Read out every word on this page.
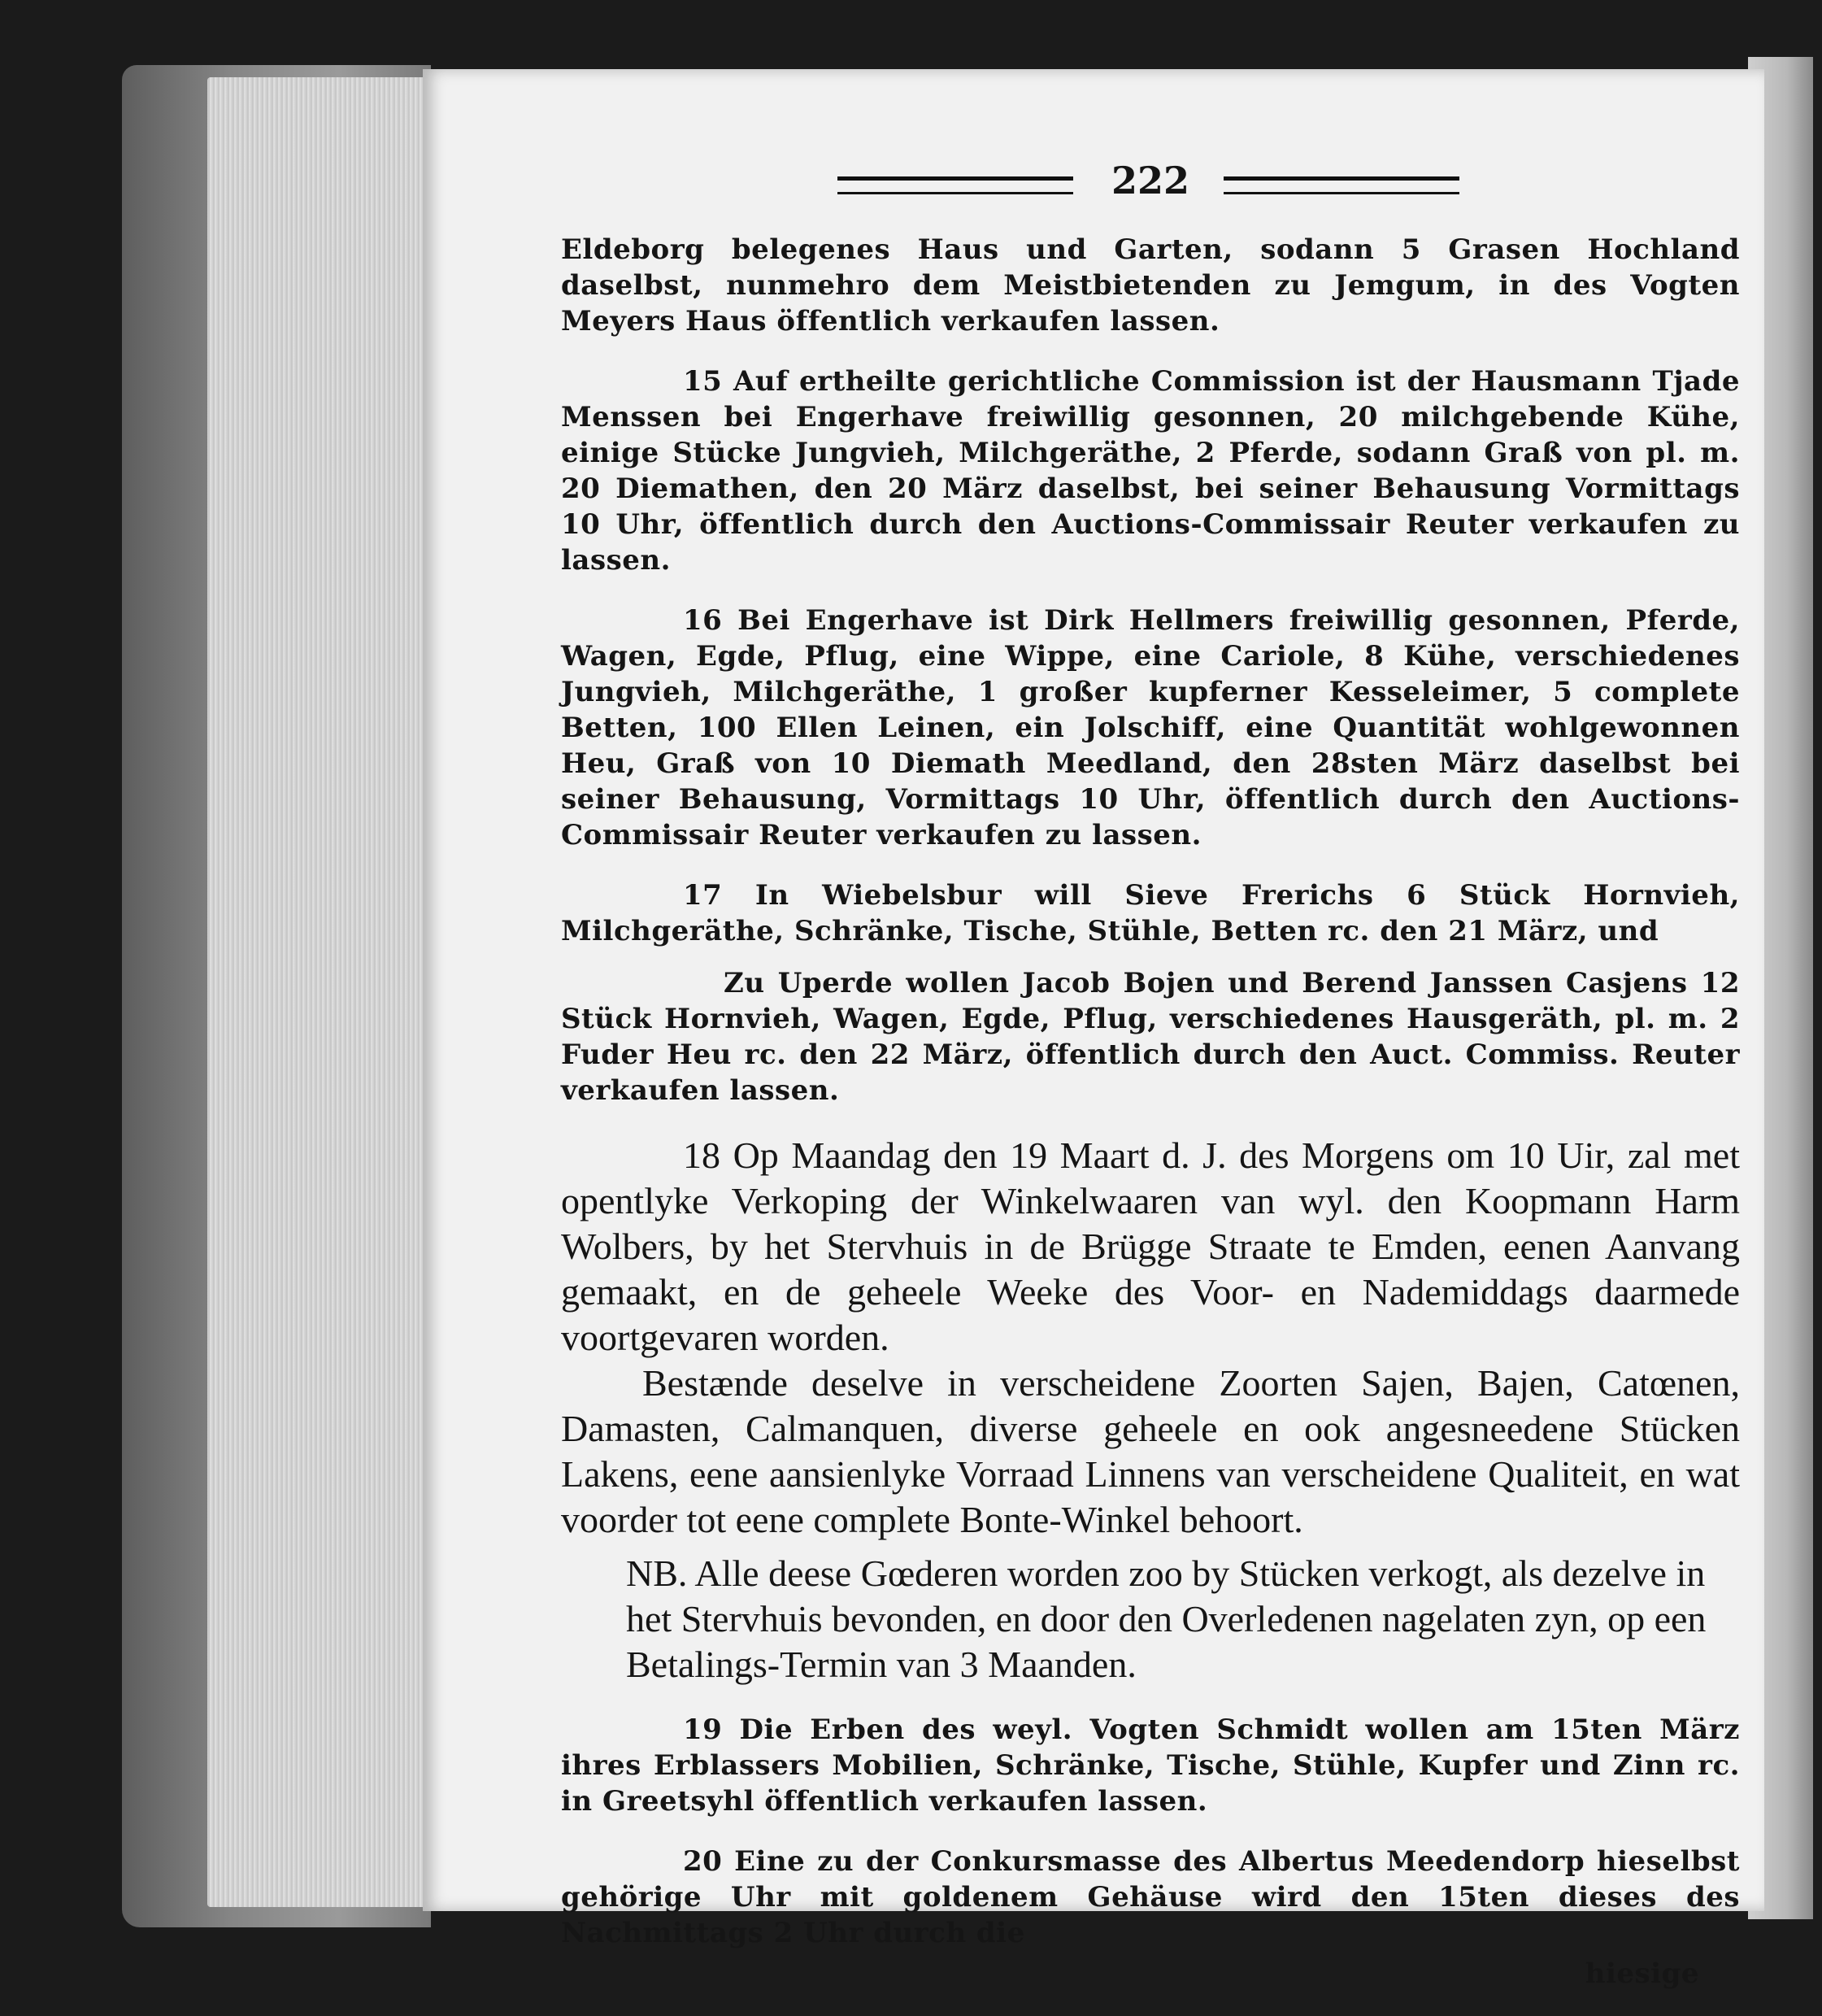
222

Eldeborg belegenes Haus und Garten, sodann 5 Grasen Hochland daselbst, nunmehro dem Meistbietenden zu Jemgum, in des Vogten Meyers Haus öffentlich verkaufen lassen.

15 Auf ertheilte gerichtliche Commission ist der Hausmann Tjade Menssen bei Engerhave freiwillig gesonnen, 20 milchgebende Kühe, einige Stücke Jungvieh, Milchgeräthe, 2 Pferde, sodann Graß von pl. m. 20 Diemathen, den 20 März daselbst, bei seiner Behausung Vormittags 10 Uhr, öffentlich durch den Auctions-Commissair Reuter verkaufen zu lassen.

16 Bei Engerhave ist Dirk Hellmers freiwillig gesonnen, Pferde, Wagen, Egde, Pflug, eine Wippe, eine Cariole, 8 Kühe, verschiedenes Jungvieh, Milchgeräthe, 1 großer kupferner Kesseleimer, 5 complete Betten, 100 Ellen Leinen, ein Jolschiff, eine Quantität wohlgewonnen Heu, Graß von 10 Diemath Meedland, den 28sten März daselbst bei seiner Behausung, Vormittags 10 Uhr, öffentlich durch den Auctions-Commissair Reuter verkaufen zu lassen.

17 In Wiebelsbur will Sieve Frerichs 6 Stück Hornvieh, Milchgeräthe, Schränke, Tische, Stühle, Betten rc. den 21 März, und

Zu Uperde wollen Jacob Bojen und Berend Janssen Casjens 12 Stück Hornvieh, Wagen, Egde, Pflug, verschiedenes Hausgeräth, pl. m. 2 Fuder Heu rc. den 22 März, öffentlich durch den Auct. Commiss. Reuter verkaufen lassen.

18 Op Maandag den 19 Maart d. J. des Morgens om 10 Uir, zal met opentlyke Verkoping der Winkelwaaren van wyl. den Koopmann Harm Wolbers, by het Stervhuis in de Brügge Straate te Emden, eenen Aanvang gemaakt, en de geheele Weeke des Voor- en Nademiddags daarmede voortgevaren worden.

Bestænde deselve in verscheidene Zoorten Sajen, Bajen, Catœnen, Damasten, Calmanquen, diverse geheele en ook angesneedene Stücken Lakens, eene aansienlyke Vorraad Linnens van verscheidene Qualiteit, en wat voorder tot eene complete Bonte-Winkel behoort.

NB. Alle deese Gœderen worden zoo by Stücken verkogt, als dezelve in het Stervhuis bevonden, en door den Overledenen nagelaten zyn, op een Betalings-Termin van 3 Maanden.

19 Die Erben des weyl. Vogten Schmidt wollen am 15ten März ihres Erblassers Mobilien, Schränke, Tische, Stühle, Kupfer und Zinn rc. in Greetsyhl öffentlich verkaufen lassen.

20 Eine zu der Conkursmasse des Albertus Meedendorp hieselbst gehörige Uhr mit goldenem Gehäuse wird den 15ten dieses des Nachmittags 2 Uhr durch die

hiesige
